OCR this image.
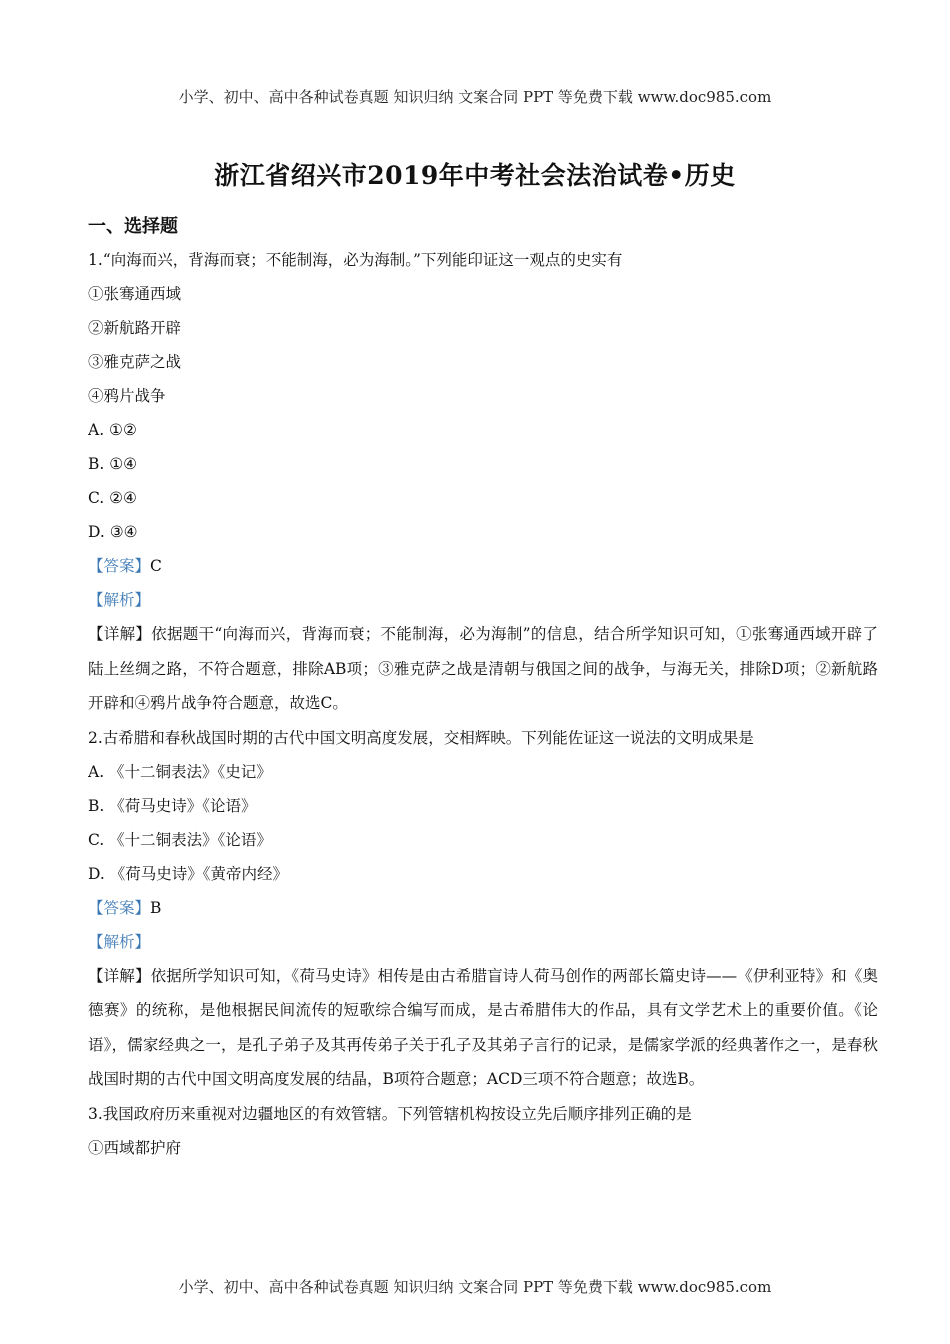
小学、初中、高中各种试卷真题 知识归纳 文案合同 PPT 等免费下载 www.doc985.com
浙江省绍兴市2019年中考社会法治试卷•历史
一、选择题
1.“向海而兴，背海而衰；不能制海，必为海制。”下列能印证这一观点的史实有
①张骞通西域
②新航路开辟
③雅克萨之战
④鸦片战争
A. ①②
B. ①④
C. ②④
D. ③④
【答案】C
【解析】

【详解】依据题干“向海而兴，背海而衰；不能制海，必为海制”的信息，结合所学知识可知，①张骞通西域开辟了陆上丝绸之路，不符合题意，排除AB项；③雅克萨之战是清朝与俄国之间的战争，与海无关，排除D项；②新航路开辟和④鸦片战争符合题意，故选C。

2.古希腊和春秋战国时期的古代中国文明高度发展，交相辉映。下列能佐证这一说法的文明成果是
A. 《十二铜表法》《史记》
B. 《荷马史诗》《论语》
C. 《十二铜表法》《论语》
D. 《荷马史诗》《黄帝内经》
【答案】B
【解析】

【详解】依据所学知识可知，《荷马史诗》相传是由古希腊盲诗人荷马创作的两部长篇史诗——《伊利亚特》和《奥德赛》的统称，是他根据民间流传的短歌综合编写而成，是古希腊伟大的作品，具有文学艺术上的重要价值。《论语》，儒家经典之一，是孔子弟子及其再传弟子关于孔子及其弟子言行的记录，是儒家学派的经典著作之一，是春秋战国时期的古代中国文明高度发展的结晶，B项符合题意；ACD三项不符合题意；故选B。

3.我国政府历来重视对边疆地区的有效管辖。下列管辖机构按设立先后顺序排列正确的是
①西域都护府
小学、初中、高中各种试卷真题 知识归纳 文案合同 PPT 等免费下载 www.doc985.com
